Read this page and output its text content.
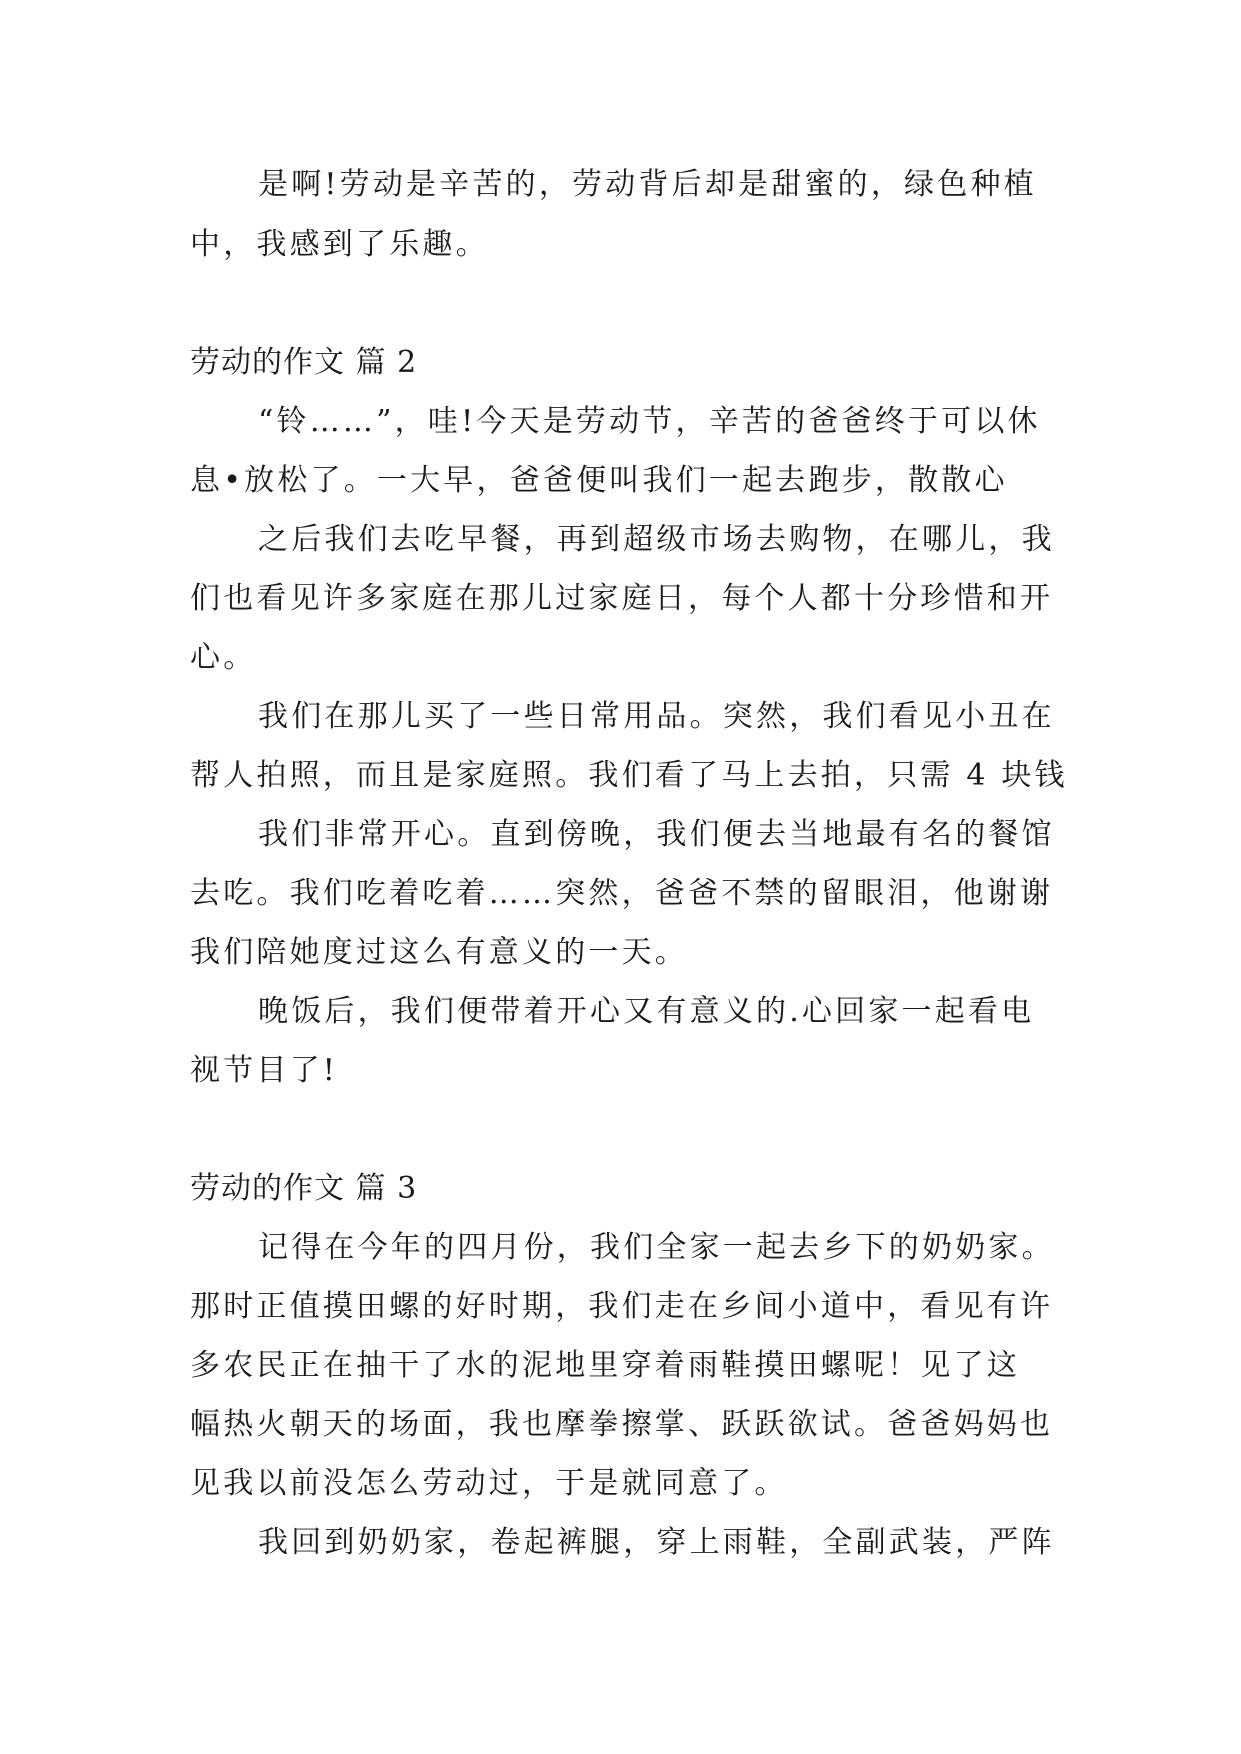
是啊!劳动是辛苦的，劳动背后却是甜蜜的，绿色种植
中，我感到了乐趣。
劳动的作文 篇 2
“铃……”，哇!今天是劳动节，辛苦的爸爸终于可以休
息•放松了。一大早，爸爸便叫我们一起去跑步，散散心
之后我们去吃早餐，再到超级市场去购物，在哪儿，我
们也看见许多家庭在那儿过家庭日，每个人都十分珍惜和开
心。
我们在那儿买了一些日常用品。突然，我们看见小丑在
帮人拍照，而且是家庭照。我们看了马上去拍，只需 4 块钱
我们非常开心。直到傍晚，我们便去当地最有名的餐馆
去吃。我们吃着吃着……突然，爸爸不禁的留眼泪，他谢谢
我们陪她度过这么有意义的一天。
晚饭后，我们便带着开心又有意义的.心回家一起看电
视节目了!
劳动的作文 篇 3
记得在今年的四月份，我们全家一起去乡下的奶奶家。
那时正值摸田螺的好时期，我们走在乡间小道中，看见有许
多农民正在抽干了水的泥地里穿着雨鞋摸田螺呢！见了这
幅热火朝天的场面，我也摩拳擦掌、跃跃欲试。爸爸妈妈也
见我以前没怎么劳动过，于是就同意了。
我回到奶奶家，卷起裤腿，穿上雨鞋，全副武装，严阵
